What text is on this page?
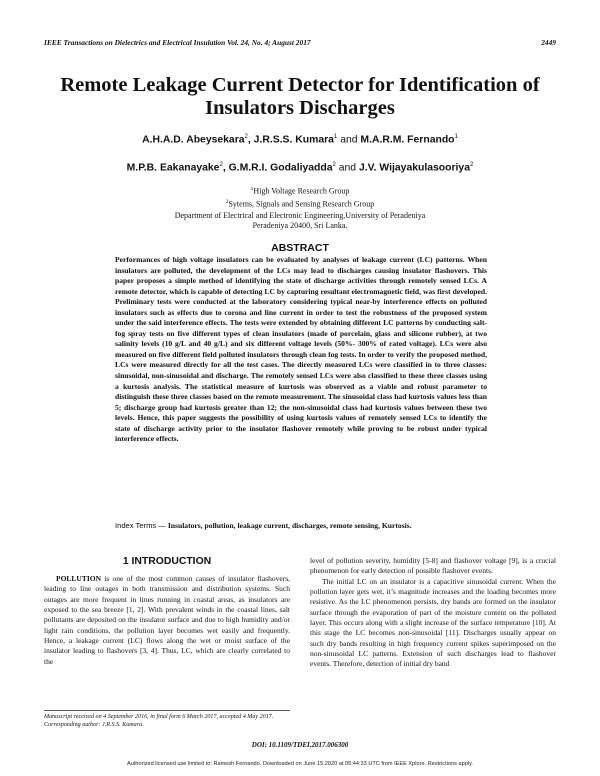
IEEE Transactions on Dielectrics and Electrical Insulation Vol. 24, No. 4; August 2017	2449
Remote Leakage Current Detector for Identification of Insulators Discharges
A.H.A.D. Abeysekara$^2$, J.R.S.S. Kumara$^1$ and M.A.R.M. Fernando$^1$
M.P.B. Eakanayake$^2$, G.M.R.I. Godaliyadda$^2$ and J.V. Wijayakulasooriya$^2$
$^1$High Voltage Research Group
$^2$Sytems, Signals and Sensing Research Group
Department of Electrical and Electronic Engineering,University of Peradeniya
Peradeniya 20400, Sri Lanka.
ABSTRACT
Performances of high voltage insulators can be evaluated by analyses of leakage current (LC) patterns. When insulators are polluted, the development of the LCs may lead to discharges causing insulator flashovers. This paper proposes a simple method of identifying the state of discharge activities through remotely sensed LCs. A remote detector, which is capable of detecting LC by capturing resultant electromagnetic field, was first developed. Preliminary tests were conducted at the laboratory considering typical near-by interference effects on polluted insulators such as effects due to corona and line current in order to test the robustness of the proposed system under the said interference effects. The tests were extended by obtaining different LC patterns by conducting salt-fog spray tests on five different types of clean insulators (made of porcelain, glass and silicone rubber), at two salinity levels (10 g/L and 40 g/L) and six different voltage levels (50%- 300% of rated voltage). LCs were also measured on five different field polluted insulators through clean fog tests. In order to verify the proposed method, LCs were measured directly for all the test cases. The directly measured LCs were classified in to three classes: sinusoidal, non-sinusoidal and discharge. The remotely sensed LCs were also classified to these three classes using a kurtosis analysis. The statistical measure of kurtosis was observed as a viable and robust parameter to distinguish these three classes based on the remote measurement. The sinusoidal class had kurtosis values less than 5; discharge group had kurtosis greater than 12; the non-sinusoidal class had kurtosis values between these two levels. Hence, this paper suggests the possibility of using kurtosis values of remotely sensed LCs to identify the state of discharge activity prior to the insulator flashover remotely while proving to be robust under typical interference effects.
Index Terms — Insulators, pollution, leakage current, discharges, remote sensing, Kurtosis.
1 INTRODUCTION

POLLUTION is one of the most common causes of insulator flashovers, leading to line outages in both transmission and distribution systems. Such outages are more frequent in lines running in coastal areas, as insulators are exposed to the sea breeze [1, 2]. With prevalent winds in the coastal lines, salt pollutants are deposited on the insulator surface and due to high humidity and/or light rain conditions, the pollution layer becomes wet easily and frequently. Hence, a leakage current (LC) flows along the wet or moist surface of the insulator leading to flashovers [3, 4]. Thus, LC, which are clearly correlated to the

level of pollution severity, humidity [5-8] and flashover voltage [9], is a crucial phenomenon for early detection of possible flashover events.

The initial LC on an insulator is a capacitive sinusoidal current. When the pollution layer gets wet, it’s magnitude increases and the loading becomes more resistive. As the LC phenomenon persists, dry bands are formed on the insulator surface through the evaporation of part of the moisture content on the polluted layer. This occurs along with a slight increase of the surface temperature [10]. At this stage the LC becomes non-sinusoidal [11]. Discharges usually appear on such dry bands resulting in high frequency current spikes superimposed on the non-sinusoidal LC patterns. Extension of such discharges lead to flashover events. Therefore, detection of initial dry band

Manuscript received on 4 September 2016, in final form 6 March 2017, accepted 4 May 2017. Corresponding author: J.R.S.S. Kumara.
DOI: 10.1109/TDEI.2017.006300
Authorized licensed use limited to: Ramesh Fernando. Downloaded on June 15,2020 at 05:44:33 UTC from IEEE Xplore. Restrictions apply.
